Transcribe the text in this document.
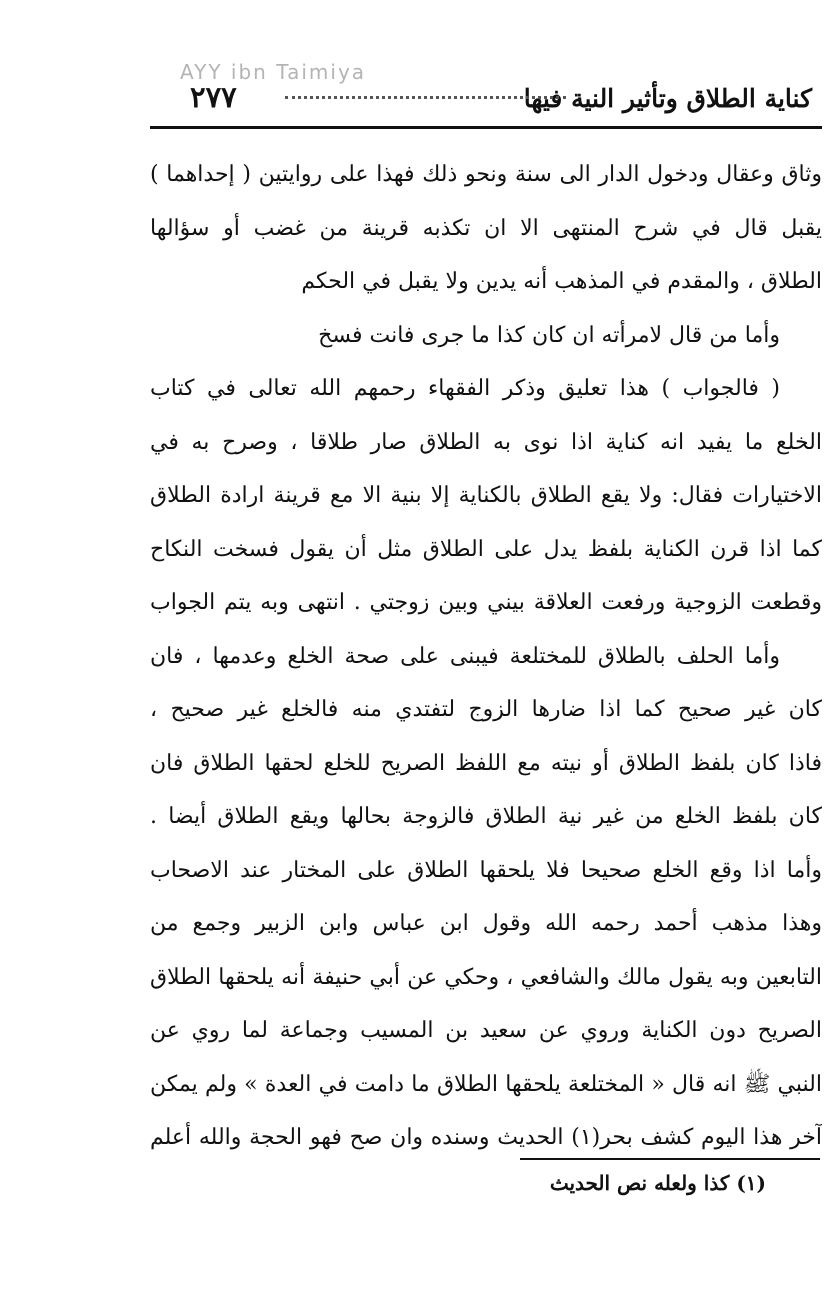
AYY ibn Taimiya
كناية الطلاق وتأثير النية فيها
٢٧٧
وثاق وعقال ودخول الدار الى سنة ونحو ذلك فهذا على روايتين ( إحداهما )
يقبل قال في شرح المنتهى الا ان تكذبه قرينة من غضب أو سؤالها
الطلاق ، والمقدم في المذهب أنه يدين ولا يقبل في الحكم
وأما من قال لامرأته ان كان كذا ما جرى فانت فسخ
( فالجواب ) هذا تعليق وذكر الفقهاء رحمهم الله تعالى في كتاب
الخلع ما يفيد انه كناية اذا نوى به الطلاق صار طلاقا ، وصرح به في
الاختيارات فقال: ولا يقع الطلاق بالكناية إلا بنية الا مع قرينة ارادة الطلاق
كما اذا قرن الكناية بلفظ يدل على الطلاق مثل أن يقول فسخت النكاح
وقطعت الزوجية ورفعت العلاقة بيني وبين زوجتي . انتهى وبه يتم الجواب
وأما الحلف بالطلاق للمختلعة فيبنى على صحة الخلع وعدمها ، فان
كان غير صحيح كما اذا ضارها الزوج لتفتدي منه فالخلع غير صحيح ،
فاذا كان بلفظ الطلاق أو نيته مع اللفظ الصريح للخلع لحقها الطلاق فان
كان بلفظ الخلع من غير نية الطلاق فالزوجة بحالها ويقع الطلاق أيضا .
وأما اذا وقع الخلع صحيحا فلا يلحقها الطلاق على المختار عند الاصحاب
وهذا مذهب أحمد رحمه الله وقول ابن عباس وابن الزبير وجمع من
التابعين وبه يقول مالك والشافعي ، وحكي عن أبي حنيفة أنه يلحقها الطلاق
الصريح دون الكناية وروي عن سعيد بن المسيب وجماعة لما روي عن
النبي ﷺ انه قال « المختلعة يلحقها الطلاق ما دامت في العدة » ولم يمكن
آخر هذا اليوم كشف بحر(١) الحديث وسنده وان صح فهو الحجة والله أعلم
(١) كذا ولعله نص الحديث
